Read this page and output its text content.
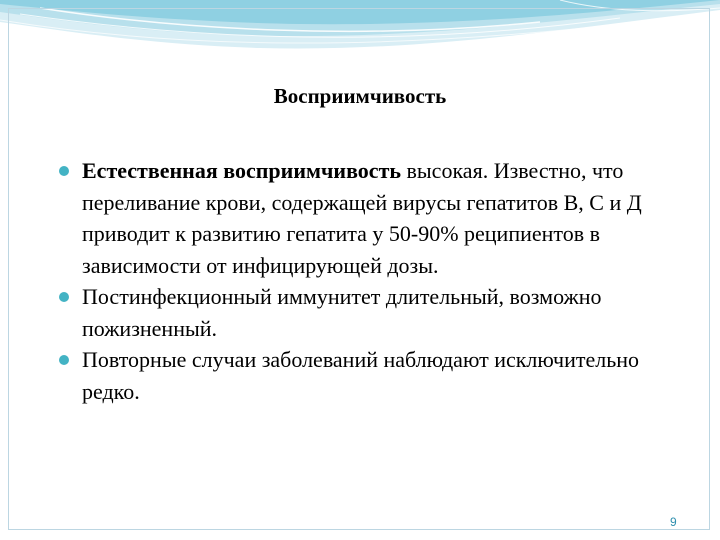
Восприимчивость
Естественная восприимчивость высокая. Известно, что переливание крови, содержащей вирусы гепатитов В, С и Д приводит к развитию гепатита у 50-90% реципиентов в зависимости от инфицирующей дозы.
Постинфекционный иммунитет длительный, возможно пожизненный.
Повторные случаи заболеваний наблюдают исключительно редко.
9
